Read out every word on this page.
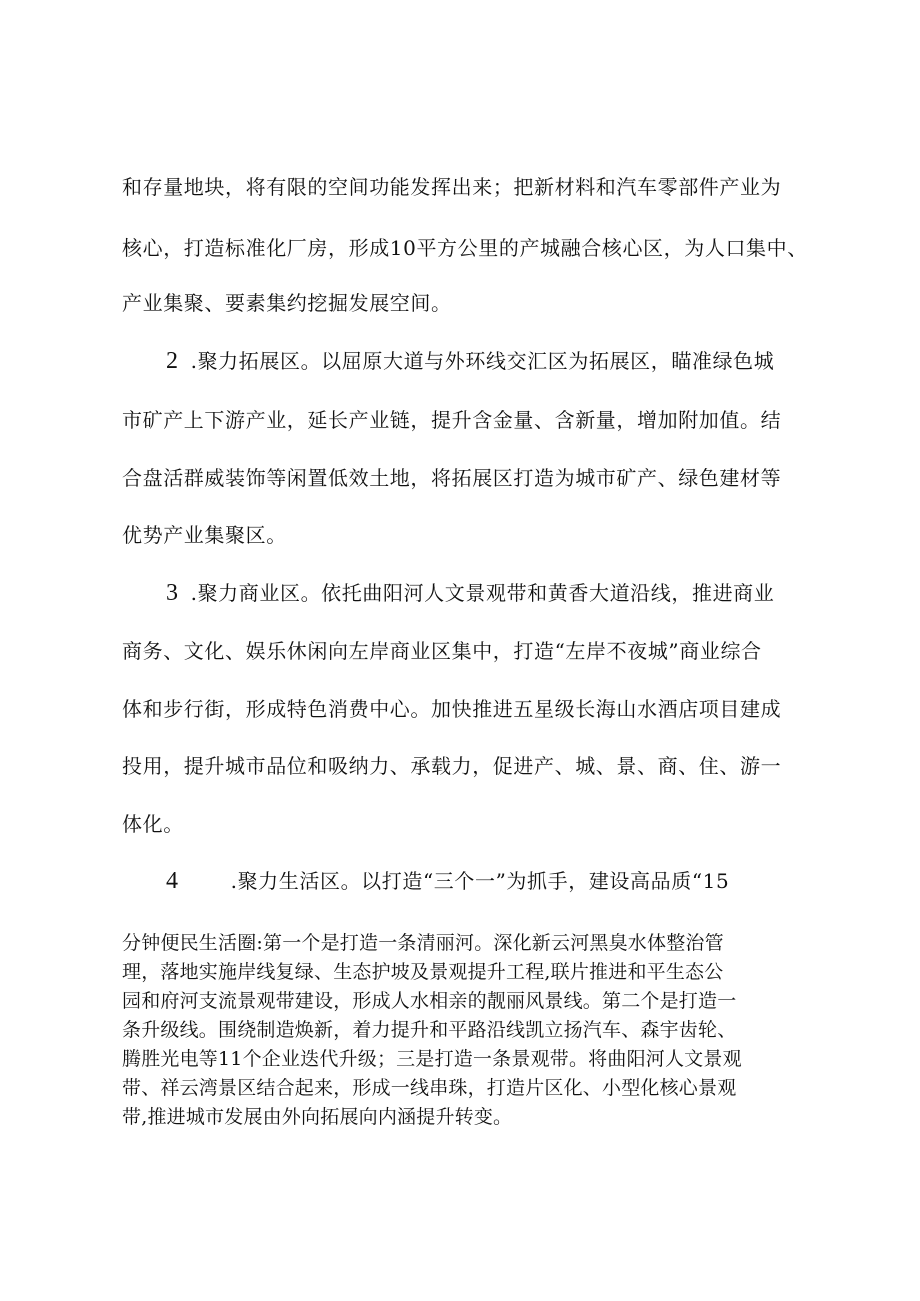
和存量地块，将有限的空间功能发挥出来；把新材料和汽车零部件产业为
核心，打造标准化厂房，形成10平方公里的产城融合核心区，为人口集中、
产业集聚、要素集约挖掘发展空间。
2 .聚力拓展区。以屈原大道与外环线交汇区为拓展区，瞄准绿色城
市矿产上下游产业，延长产业链，提升含金量、含新量，增加附加值。结
合盘活群威装饰等闲置低效土地，将拓展区打造为城市矿产、绿色建材等
优势产业集聚区。
3 .聚力商业区。依托曲阳河人文景观带和黄香大道沿线，推进商业
商务、文化、娱乐休闲向左岸商业区集中，打造“左岸不夜城”商业综合
体和步行街，形成特色消费中心。加快推进五星级长海山水酒店项目建成
投用，提升城市品位和吸纳力、承载力，促进产、城、景、商、住、游一
体化。
4	.聚力生活区。以打造“三个一”为抓手，建设高品质“15
分钟便民生活圈:第一个是打造一条清丽河。深化新云河黑臭水体整治管
理，落地实施岸线复绿、生态护坡及景观提升工程,联片推进和平生态公
园和府河支流景观带建设，形成人水相亲的靓丽风景线。第二个是打造一
条升级线。围绕制造焕新，着力提升和平路沿线凯立扬汽车、森宇齿轮、
腾胜光电等11个企业迭代升级；三是打造一条景观带。将曲阳河人文景观
带、祥云湾景区结合起来，形成一线串珠，打造片区化、小型化核心景观
带,推进城市发展由外向拓展向内涵提升转变。
